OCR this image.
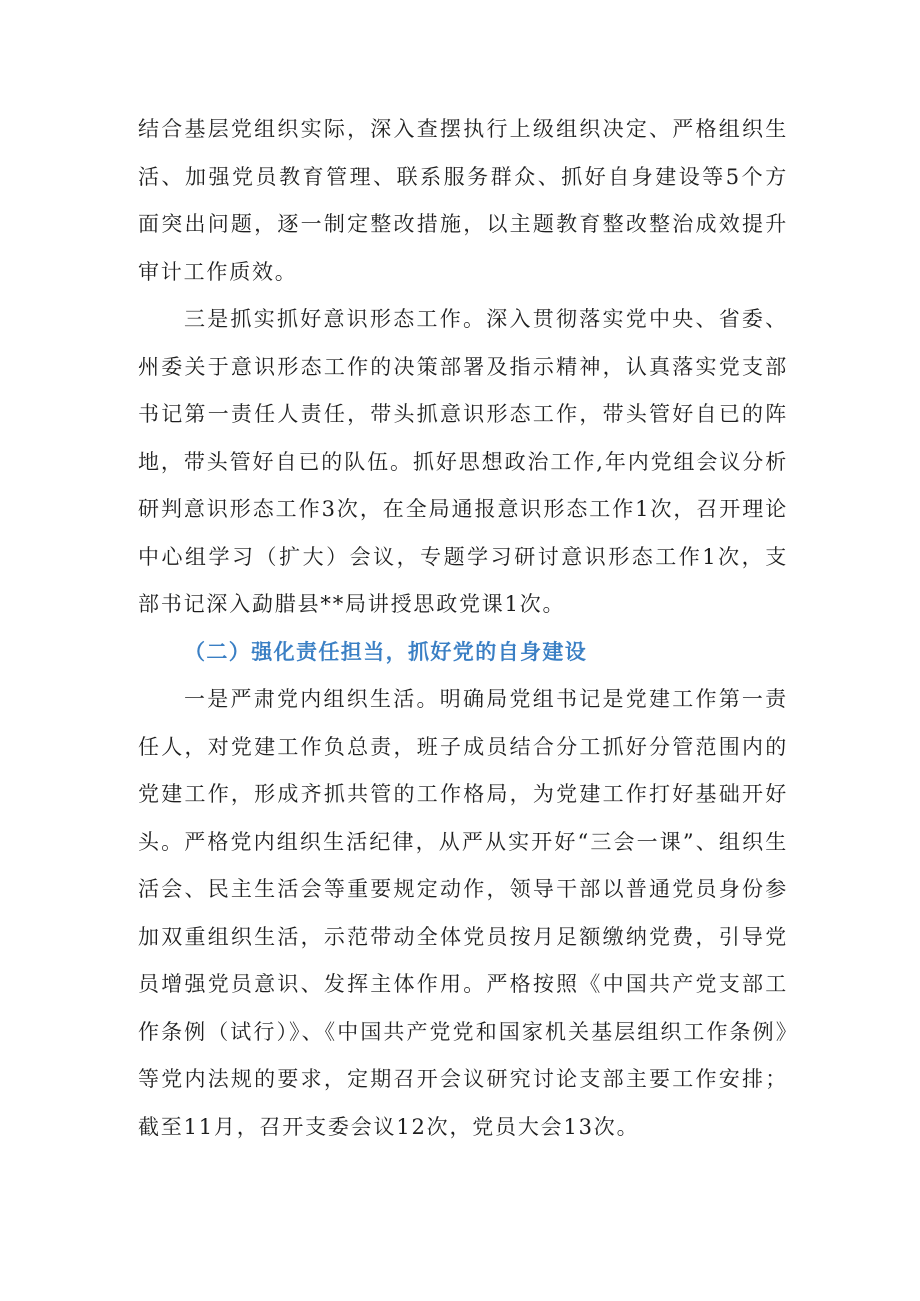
结合基层党组织实际，深入查摆执行上级组织决定、严格组织生活、加强党员教育管理、联系服务群众、抓好自身建设等5个方面突出问题，逐一制定整改措施，以主题教育整改整治成效提升审计工作质效。

三是抓实抓好意识形态工作。深入贯彻落实党中央、省委、州委关于意识形态工作的决策部署及指示精神，认真落实党支部书记第一责任人责任，带头抓意识形态工作，带头管好自已的阵地，带头管好自已的队伍。抓好思想政治工作,年内党组会议分析研判意识形态工作3次，在全局通报意识形态工作1次，召开理论中心组学习（扩大）会议，专题学习研讨意识形态工作1次，支部书记深入勐腊县**局讲授思政党课1次。

（二）强化责任担当，抓好党的自身建设

一是严肃党内组织生活。明确局党组书记是党建工作第一责任人，对党建工作负总责，班子成员结合分工抓好分管范围内的党建工作，形成齐抓共管的工作格局，为党建工作打好基础开好头。严格党内组织生活纪律，从严从实开好“三会一课”、组织生活会、民主生活会等重要规定动作，领导干部以普通党员身份参加双重组织生活，示范带动全体党员按月足额缴纳党费，引导党员增强党员意识、发挥主体作用。严格按照《中国共产党支部工作条例（试行）》、《中国共产党党和国家机关基层组织工作条例》等党内法规的要求，定期召开会议研究讨论支部主要工作安排；截至11月，召开支委会议12次，党员大会13次。
